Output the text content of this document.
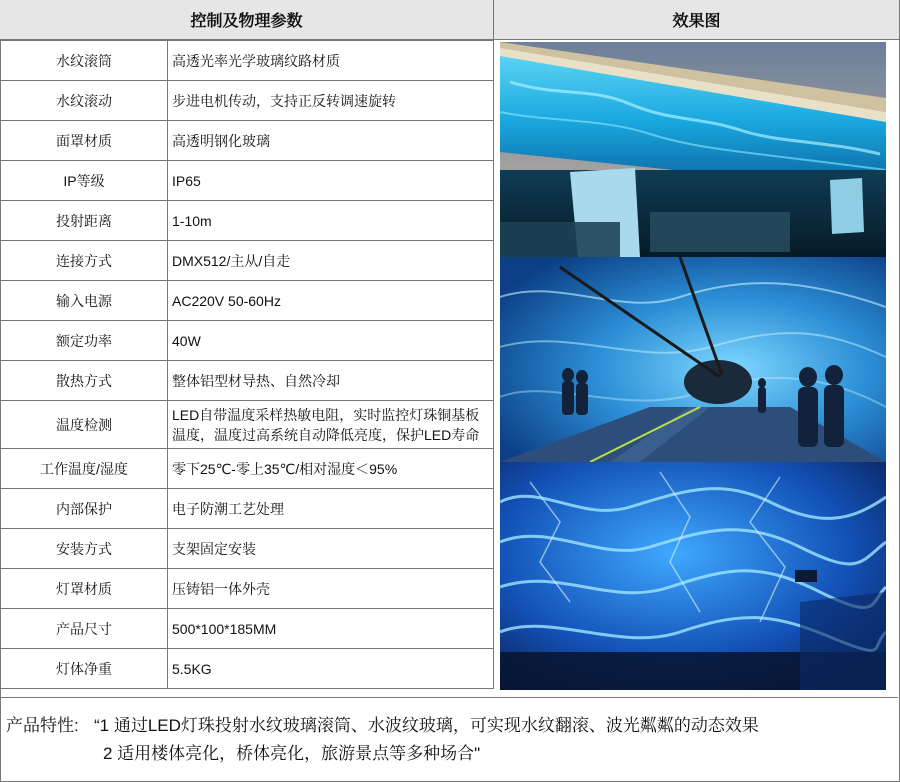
控制及物理参数	效果图
水纹滚筒	高透光率光学玻璃纹路材质
水纹滚动	步进电机传动，支持正反转调速旋转
面罩材质	高透明钢化玻璃
IP等级	IP65
投射距离	1-10m
连接方式	DMX512/主从/自走
输入电源	AC220V 50-60Hz
额定功率	40W
散热方式	整体铝型材导热、自然冷却
温度检测	LED自带温度采样热敏电阻，实时监控灯珠铜基板
温度，温度过高系统自动降低亮度，保护LED寿命

工作温度/湿度	零下25℃-零上35℃/相对湿度＜95%
内部保护	电子防潮工艺处理
安装方式	支架固定安装
灯罩材质	压铸铝一体外壳
产品尺寸	500*100*185MM
灯体净重	5.5KG
产品特性: “1 通过LED灯珠投射水纹玻璃滚筒、水波纹玻璃，可实现水纹翻滚、波光粼粼的动态效果
2 适用楼体亮化，桥体亮化，旅游景点等多种场合"
